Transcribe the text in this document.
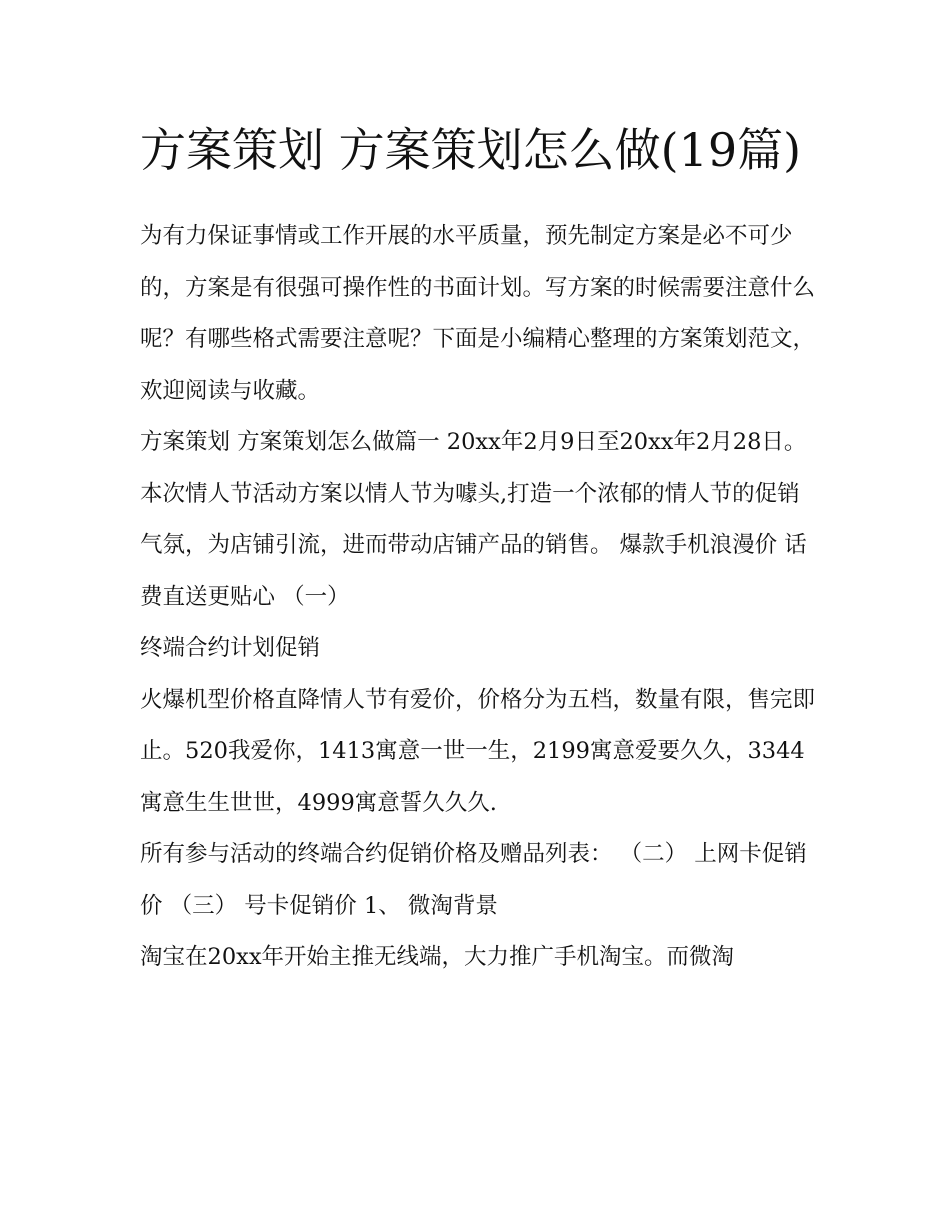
方案策划 方案策划怎么做(19篇)

为有力保证事情或工作开展的水平质量，预先制定方案是必不可少的，方案是有很强可操作性的书面计划。写方案的时候需要注意什么呢？有哪些格式需要注意呢？下面是小编精心整理的方案策划范文，欢迎阅读与收藏。

方案策划 方案策划怎么做篇一 20xx年2月9日至20xx年2月28日。

本次情人节活动方案以情人节为噱头,打造一个浓郁的情人节的促销气氛，为店铺引流，进而带动店铺产品的销售。 爆款手机浪漫价 话费直送更贴心 （一）

终端合约计划促销

火爆机型价格直降情人节有爱价，价格分为五档，数量有限，售完即止。520我爱你，1413寓意一世一生，2199寓意爱要久久，3344寓意生生世世，4999寓意誓久久久.

所有参与活动的终端合约促销价格及赠品列表： （二） 上网卡促销价 （三） 号卡促销价 1、 微淘背景

淘宝在20xx年开始主推无线端，大力推广手机淘宝。而微淘
